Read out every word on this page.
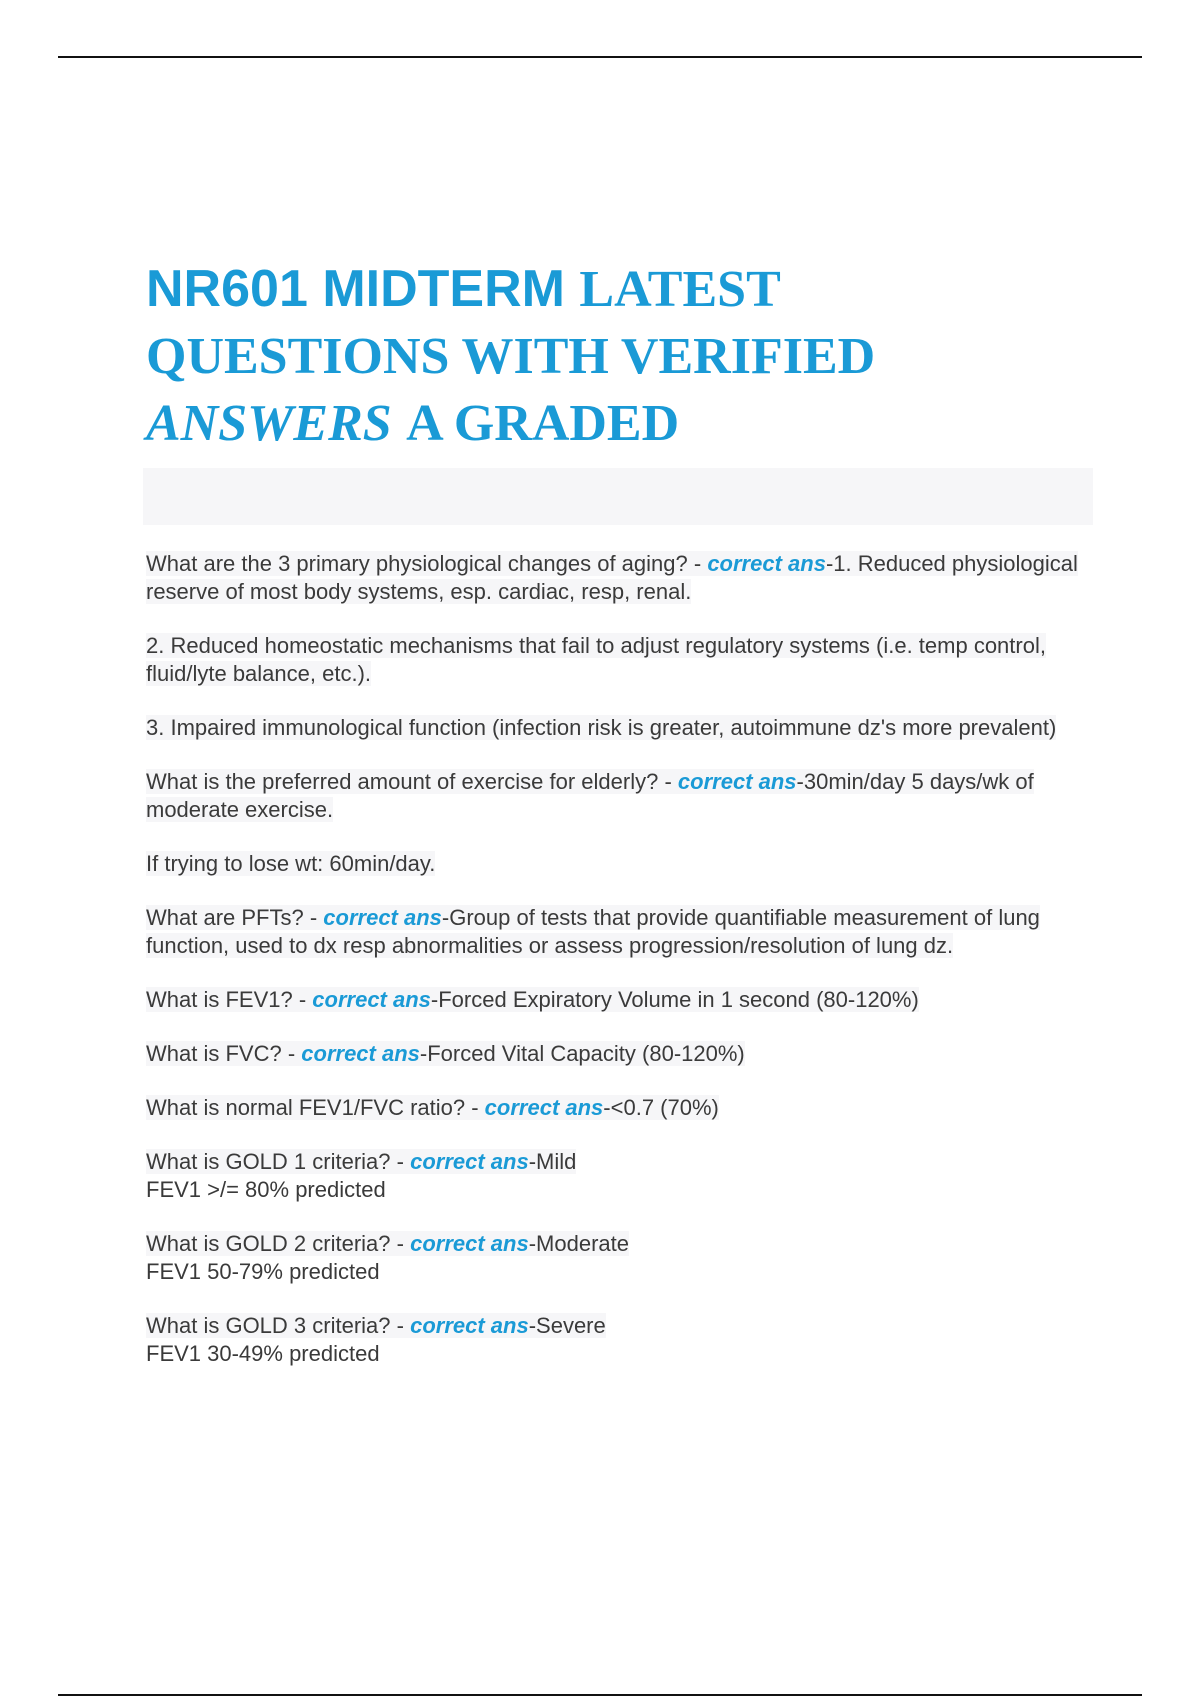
NR601 MIDTERM LATEST
QUESTIONS WITH VERIFIED
ANSWERS A GRADED

What are the 3 primary physiological changes of aging? - correct ans-1. Reduced physiological reserve of most body systems, esp. cardiac, resp, renal.

2. Reduced homeostatic mechanisms that fail to adjust regulatory systems (i.e. temp control, fluid/lyte balance, etc.).

3. Impaired immunological function (infection risk is greater, autoimmune dz's more prevalent)

What is the preferred amount of exercise for elderly? - correct ans-30min/day 5 days/wk of moderate exercise.

If trying to lose wt: 60min/day.

What are PFTs? - correct ans-Group of tests that provide quantifiable measurement of lung function, used to dx resp abnormalities or assess progression/resolution of lung dz.

What is FEV1? - correct ans-Forced Expiratory Volume in 1 second (80-120%)

What is FVC? - correct ans-Forced Vital Capacity (80-120%)

What is normal FEV1/FVC ratio? - correct ans-<0.7 (70%)

What is GOLD 1 criteria? - correct ans-Mild
FEV1 >/= 80% predicted

What is GOLD 2 criteria? - correct ans-Moderate
FEV1 50-79% predicted

What is GOLD 3 criteria? - correct ans-Severe
FEV1 30-49% predicted
